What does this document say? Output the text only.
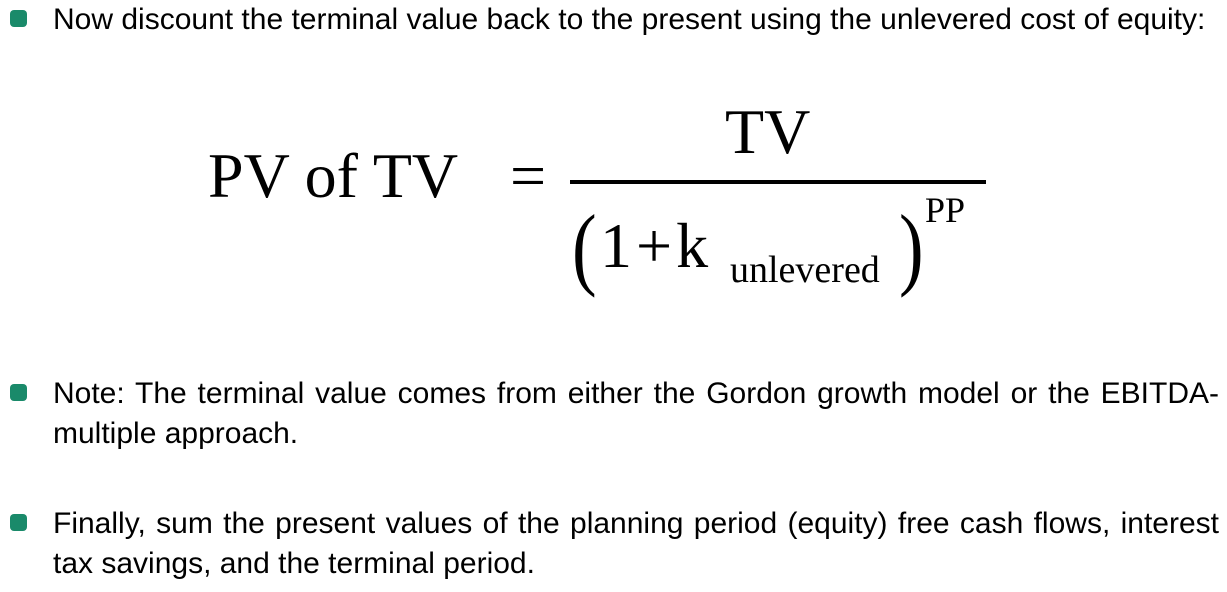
Now discount the terminal value back to the present using the unlevered cost of equity:
PV of TV =
TV
( 1+k unlevered ) PP
Note: The terminal value comes from either the Gordon growth model or the EBITDA- multiple approach.
Finally, sum the present values of the planning period (equity) free cash flows, interest tax savings, and the terminal period.
